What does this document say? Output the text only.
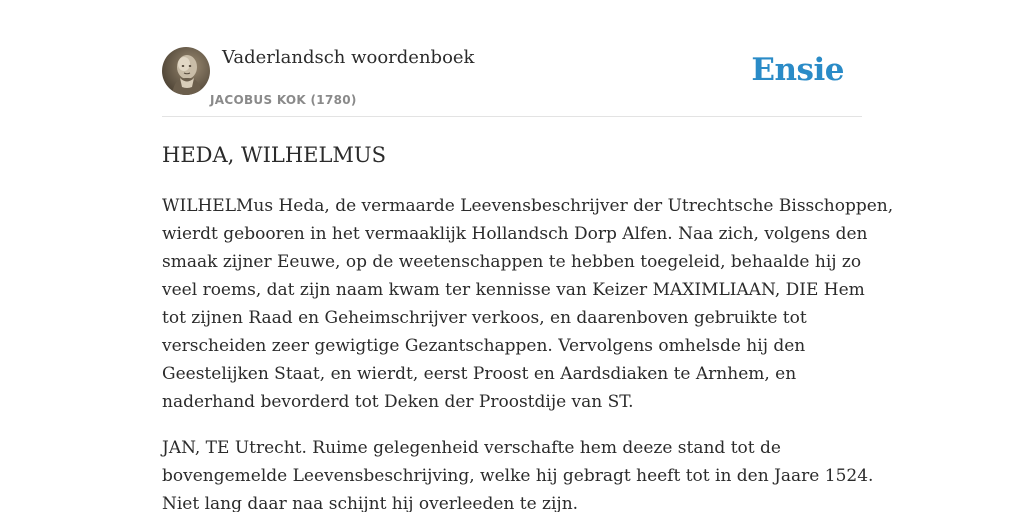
Vaderlandsch woordenboek
JACOBUS KOK (1780)
Ensie
HEDA, WILHELMUS

WILHELMus Heda, de vermaarde Leevensbeschrijver der Utrechtsche Bisschoppen,
wierdt gebooren in het vermaaklijk Hollandsch Dorp Alfen. Naa zich, volgens den
smaak zijner Eeuwe, op de weetenschappen te hebben toegeleid, behaalde hij zo
veel roems, dat zijn naam kwam ter kennisse van Keizer MAXIMLIAAN, DIE Hem
tot zijnen Raad en Geheimschrijver verkoos, en daarenboven gebruikte tot
verscheiden zeer gewigtige Gezantschappen. Vervolgens omhelsde hij den
Geestelijken Staat, en wierdt, eerst Proost en Aardsdiaken te Arnhem, en
naderhand bevorderd tot Deken der Proostdije van ST.

JAN, TE Utrecht. Ruime gelegenheid verschafte hem deeze stand tot de
bovengemelde Leevensbeschrijving, welke hij gebragt heeft tot in den Jaare 1524.
Niet lang daar naa schijnt hij overleeden te zijn.
